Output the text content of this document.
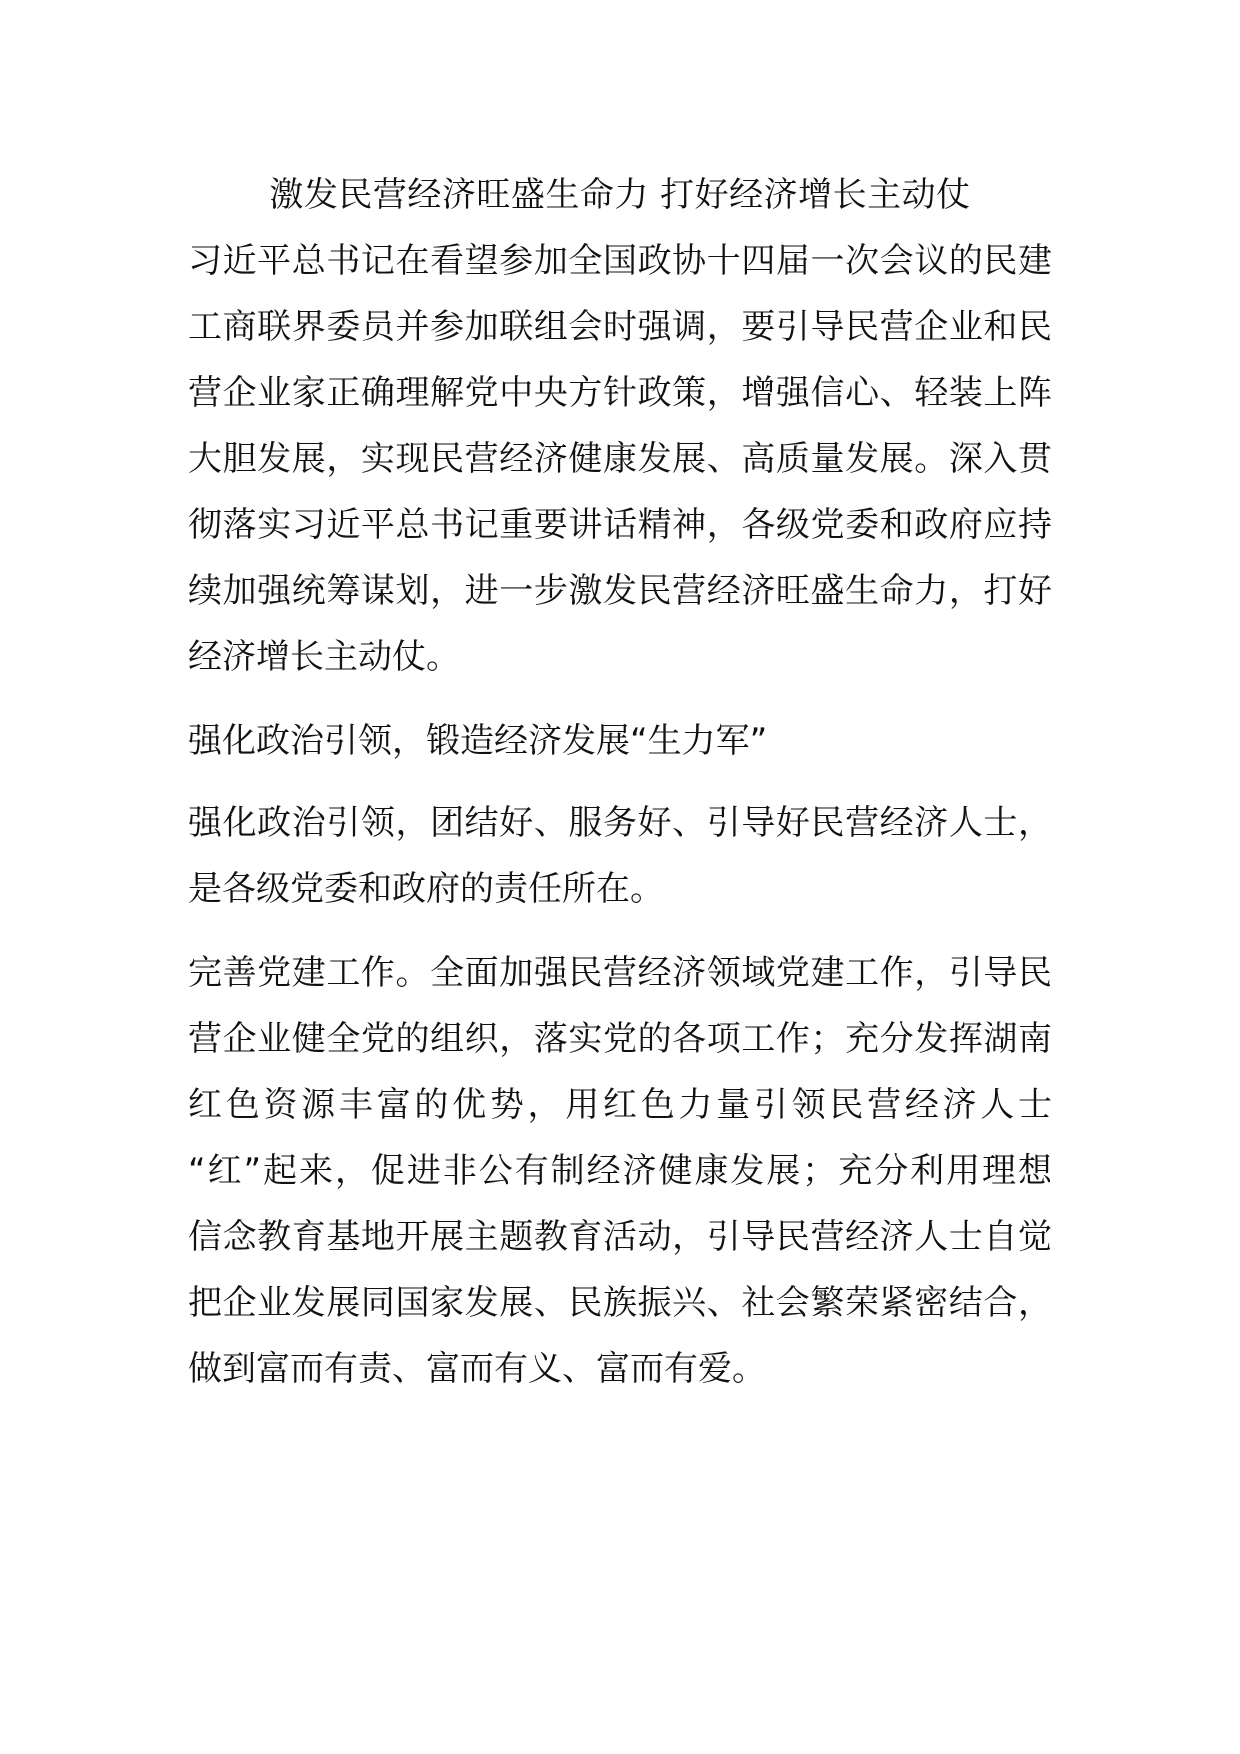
激发民营经济旺盛生命力 打好经济增长主动仗

习近平总书记在看望参加全国政协十四届一次会议的民建

工商联界委员并参加联组会时强调，要引导民营企业和民

营企业家正确理解党中央方针政策，增强信心、轻装上阵

大胆发展，实现民营经济健康发展、高质量发展。深入贯

彻落实习近平总书记重要讲话精神，各级党委和政府应持

续加强统筹谋划，进一步激发民营经济旺盛生命力，打好

经济增长主动仗。

强化政治引领，锻造经济发展“生力军”

强化政治引领，团结好、服务好、引导好民营经济人士，

是各级党委和政府的责任所在。

完善党建工作。全面加强民营经济领域党建工作，引导民

营企业健全党的组织，落实党的各项工作；充分发挥湖南

红色资源丰富的优势，用红色力量引领民营经济人士

“红”起来，促进非公有制经济健康发展；充分利用理想

信念教育基地开展主题教育活动，引导民营经济人士自觉

把企业发展同国家发展、民族振兴、社会繁荣紧密结合，

做到富而有责、富而有义、富而有爱。
